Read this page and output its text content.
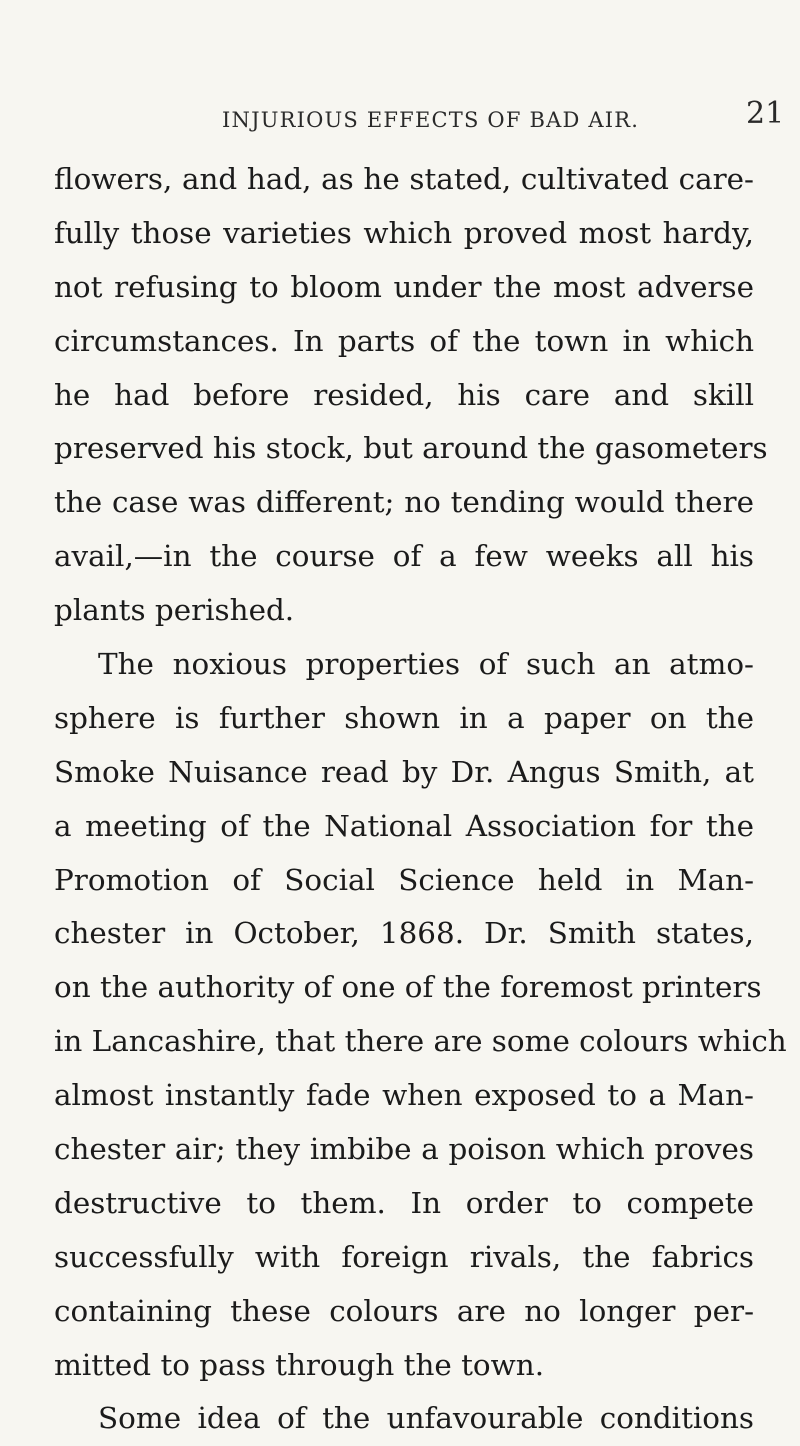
INJURIOUS EFFECTS OF BAD AIR.	21
flowers, and had, as he stated, cultivated care-
fully those varieties which proved most hardy,
not refusing to bloom under the most adverse
circumstances. In parts of the town in which
he had before resided, his care and skill
preserved his stock, but around the gasometers
the case was different; no tending would there
avail,—in the course of a few weeks all his
plants perished.
The noxious properties of such an atmo-
sphere is further shown in a paper on the
Smoke Nuisance read by Dr. Angus Smith, at
a meeting of the National Association for the
Promotion of Social Science held in Man-
chester in October, 1868. Dr. Smith states,
on the authority of one of the foremost printers
in Lancashire, that there are some colours which
almost instantly fade when exposed to a Man-
chester air; they imbibe a poison which proves
destructive to them. In order to compete
successfully with foreign rivals, the fabrics
containing these colours are no longer per-
mitted to pass through the town.
Some idea of the unfavourable conditions
